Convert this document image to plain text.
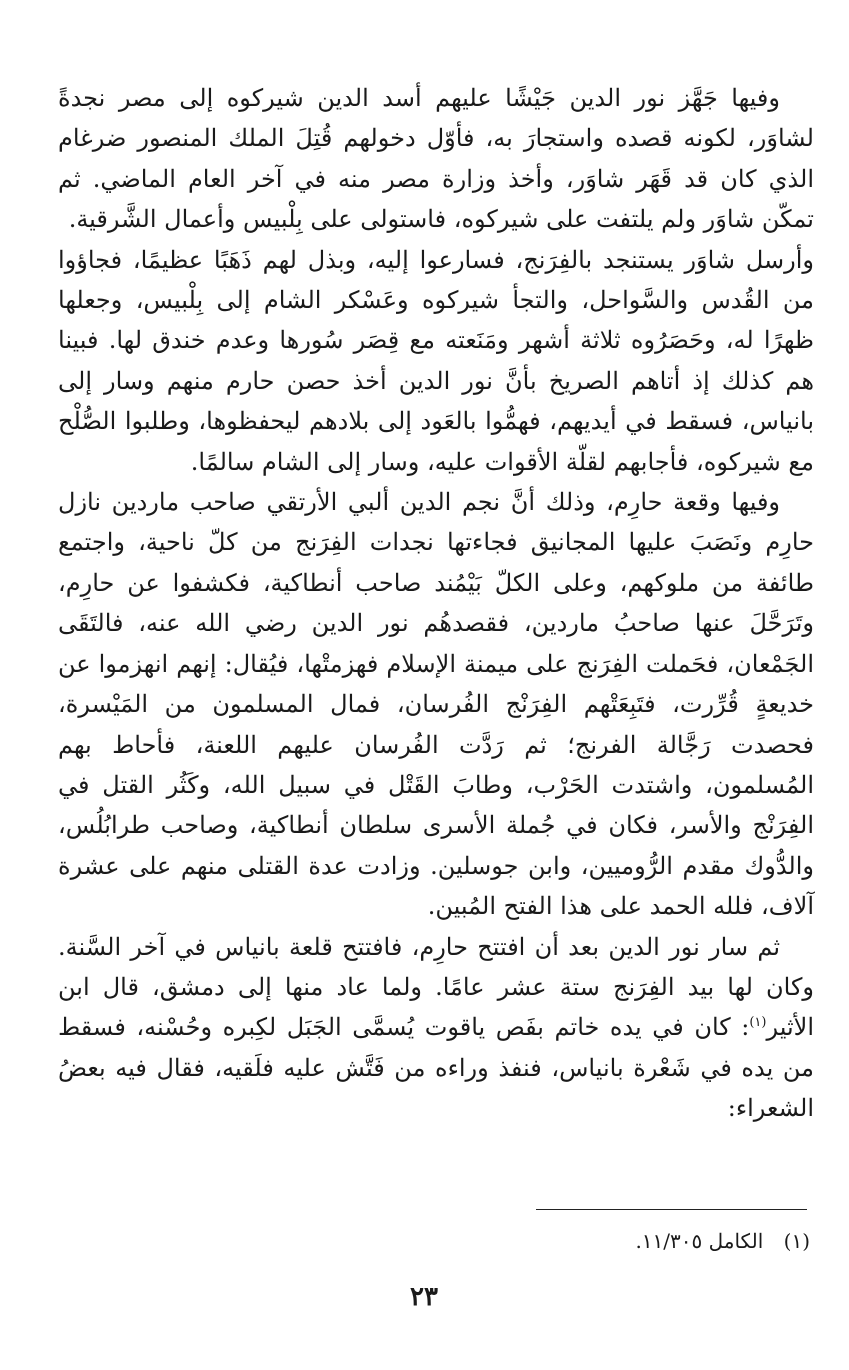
وفيها جَهَّز نور الدين جَيْشًا عليهم أسد الدين شيركوه إلى مصر نجدةً لشاوَر، لكونه قصده واستجارَ به، فأوّل دخولهم قُتِلَ الملك المنصور ضرغام الذي كان قد قَهَر شاوَر، وأخذ وزارة مصر منه في آخر العام الماضي. ثم تمكّن شاوَر ولم يلتفت على شيركوه، فاستولى على بِلْبيس وأعمال الشَّرقية.

وأرسل شاوَر يستنجد بالفِرَنج، فسارعوا إليه، وبذل لهم ذَهَبًا عظيمًا، فجاؤوا من القُدس والسَّواحل، والتجأ شيركوه وعَسْكر الشام إلى بِلْبيس، وجعلها ظهرًا له، وحَصَرُوه ثلاثة أشهر ومَنَعته مع قِصَر سُورها وعدم خندق لها. فبينا هم كذلك إذ أتاهم الصريخ بأنَّ نور الدين أخذ حصن حارم منهم وسار إلى بانياس، فسقط في أيديهم، فهمُّوا بالعَود إلى بلادهم ليحفظوها، وطلبوا الصُّلْح مع شيركوه، فأجابهم لقلّة الأقوات عليه، وسار إلى الشام سالمًا.

وفيها وقعة حارِم، وذلك أنَّ نجم الدين ألبي الأرتقي صاحب ماردين نازل حارِم ونَصَبَ عليها المجانيق فجاءتها نجدات الفِرَنج من كلّ ناحية، واجتمع طائفة من ملوكهم، وعلى الكلّ بَيْمُند صاحب أنطاكية، فكشفوا عن حارِم، وتَرَحَّلَ عنها صاحبُ ماردين، فقصدهُم نور الدين رضي الله عنه، فالتَقَى الجَمْعان، فحَملت الفِرَنج على ميمنة الإسلام فهزمتْها، فيُقال: إنهم انهزموا عن خديعةٍ قُرِّرت، فتَبِعَتْهم الفِرَنْج الفُرسان، فمال المسلمون من المَيْسرة، فحصدت رَجَّالة الفرنج؛ ثم رَدَّت الفُرسان عليهم اللعنة، فأحاط بهم المُسلمون، واشتدت الحَرْب، وطابَ القَتْل في سبيل الله، وكَثُر القتل في الفِرَنْج والأسر، فكان في جُملة الأسرى سلطان أنطاكية، وصاحب طرابُلُس، والدُّوك مقدم الرُّوميين، وابن جوسلين. وزادت عدة القتلى منهم على عشرة آلاف، فلله الحمد على هذا الفتح المُبين.

ثم سار نور الدين بعد أن افتتح حارِم، فافتتح قلعة بانياس في آخر السَّنة. وكان لها بيد الفِرَنج ستة عشر عامًا. ولما عاد منها إلى دمشق، قال ابن الأثير$^{(١)}$: كان في يده خاتم بفَص ياقوت يُسمَّى الجَبَل لكِبره وحُسْنه، فسقط من يده في شَعْرة بانياس، فنفذ وراءه من فَتَّش عليه فلَقيه، فقال فيه بعضُ الشعراء:

(١) الكامل ١١/٣٠٥.
٢٣
